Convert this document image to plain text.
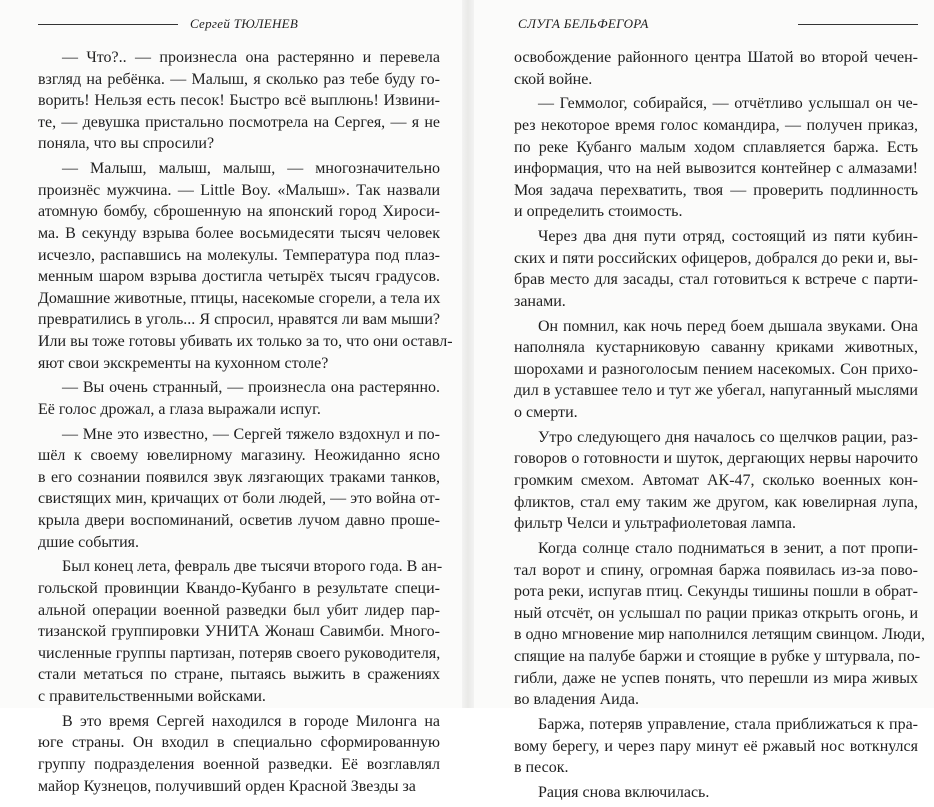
Сергей ТЮЛЕНЕВ
— Что?.. — произнесла она растерянно и перевела
взгляд на ребёнка. — Малыш, я сколько раз тебе буду го-
ворить! Нельзя есть песок! Быстро всё выплюнь! Извини-
те, — девушка пристально посмотрела на Сергея, — я не
поняла, что вы спросили?
— Малыш, малыш, малыш, — многозначительно
произнёс мужчина. — Little Boy. «Малыш». Так назвали
атомную бомбу, сброшенную на японский город Хироси-
ма. В секунду взрыва более восьмидесяти тысяч человек
исчезло, распавшись на молекулы. Температура под плаз-
менным шаром взрыва достигла четырёх тысяч градусов.
Домашние животные, птицы, насекомые сгорели, а тела их
превратились в уголь... Я спросил, нравятся ли вам мыши?
Или вы тоже готовы убивать их только за то, что они оставл-
яют свои экскременты на кухонном столе?
— Вы очень странный, — произнесла она растерянно.
Её голос дрожал, а глаза выражали испуг.
— Мне это известно, — Сергей тяжело вздохнул и по-
шёл к своему ювелирному магазину. Неожиданно ясно
в его сознании появился звук лязгающих траками танков,
свистящих мин, кричащих от боли людей, — это война от-
крыла двери воспоминаний, осветив лучом давно проше-
дшие события.
Был конец лета, февраль две тысячи второго года. В ан-
гольской провинции Квандо-Кубанго в результате специ-
альной операции военной разведки был убит лидер пар-
тизанской группировки УНИТА Жонаш Савимби. Много-
численные группы партизан, потеряв своего руководителя,
стали метаться по стране, пытаясь выжить в сражениях
с правительственными войсками.
В это время Сергей находился в городе Милонга на
юге страны. Он входил в специально сформированную
группу подразделения военной разведки. Её возглавлял
майор Кузнецов, получивший орден Красной Звезды за
СЛУГА БЕЛЬФЕГОРА
освобождение районного центра Шатой во второй чечен-
ской войне.
— Геммолог, собирайся, — отчётливо услышал он че-
рез некоторое время голос командира, — получен приказ,
по реке Кубанго малым ходом сплавляется баржа. Есть
информация, что на ней вывозится контейнер с алмазами!
Моя задача перехватить, твоя — проверить подлинность
и определить стоимость.
Через два дня пути отряд, состоящий из пяти кубин-
ских и пяти российских офицеров, добрался до реки и, вы-
брав место для засады, стал готовиться к встрече с парти-
занами.
Он помнил, как ночь перед боем дышала звуками. Она
наполняла кустарниковую саванну криками животных,
шорохами и разноголосым пением насекомых. Сон прихо-
дил в уставшее тело и тут же убегал, напуганный мыслями
о смерти.
Утро следующего дня началось со щелчков рации, раз-
говоров о готовности и шуток, дергающих нервы нарочито
громким смехом. Автомат АК-47, сколько военных кон-
фликтов, стал ему таким же другом, как ювелирная лупа,
фильтр Челси и ультрафиолетовая лампа.
Когда солнце стало подниматься в зенит, а пот пропи-
тал ворот и спину, огромная баржа появилась из-за пово-
рота реки, испугав птиц. Секунды тишины пошли в обрат-
ный отсчёт, он услышал по рации приказ открыть огонь, и
в одно мгновение мир наполнился летящим свинцом. Люди,
спящие на палубе баржи и стоящие в рубке у штурвала, по-
гибли, даже не успев понять, что перешли из мира живых
во владения Аида.
Баржа, потеряв управление, стала приближаться к пра-
вому берегу, и через пару минут её ржавый нос воткнулся
в песок.
Рация снова включилась.
